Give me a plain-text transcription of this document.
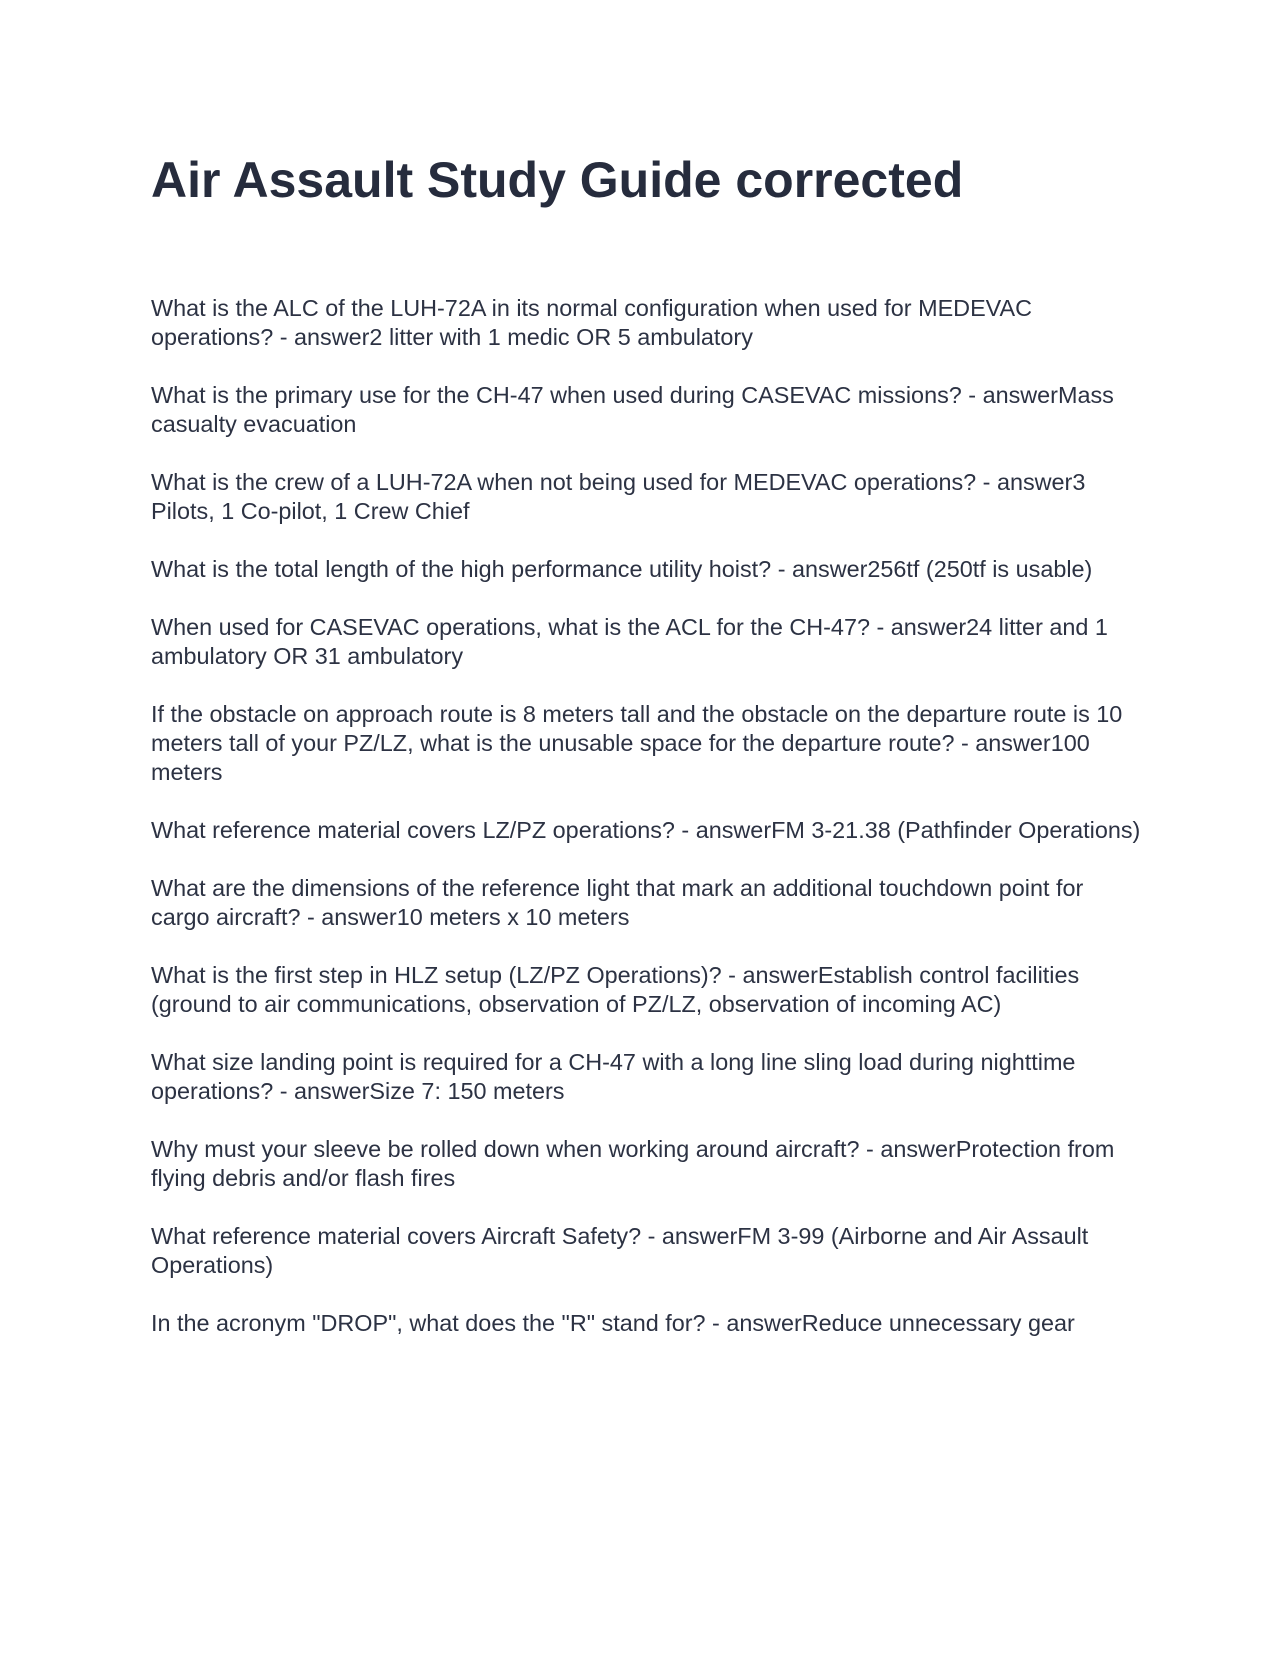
Air Assault Study Guide corrected
What is the ALC of the LUH-72A in its normal configuration when used for MEDEVAC operations? - answer2 litter with 1 medic OR 5 ambulatory
What is the primary use for the CH-47 when used during CASEVAC missions? - answerMass casualty evacuation
What is the crew of a LUH-72A when not being used for MEDEVAC operations? - answer3 Pilots, 1 Co-pilot, 1 Crew Chief
What is the total length of the high performance utility hoist? - answer256tf (250tf is usable)
When used for CASEVAC operations, what is the ACL for the CH-47? - answer24 litter and 1 ambulatory OR 31 ambulatory
If the obstacle on approach route is 8 meters tall and the obstacle on the departure route is 10 meters tall of your PZ/LZ, what is the unusable space for the departure route? - answer100 meters
What reference material covers LZ/PZ operations? - answerFM 3-21.38 (Pathfinder Operations)
What are the dimensions of the reference light that mark an additional touchdown point for cargo aircraft? - answer10 meters x 10 meters
What is the first step in HLZ setup (LZ/PZ Operations)? - answerEstablish control facilities (ground to air communications, observation of PZ/LZ, observation of incoming AC)
What size landing point is required for a CH-47 with a long line sling load during nighttime operations? - answerSize 7: 150 meters
Why must your sleeve be rolled down when working around aircraft? - answerProtection from flying debris and/or flash fires
What reference material covers Aircraft Safety? - answerFM 3-99 (Airborne and Air Assault Operations)
In the acronym "DROP", what does the "R" stand for? - answerReduce unnecessary gear
